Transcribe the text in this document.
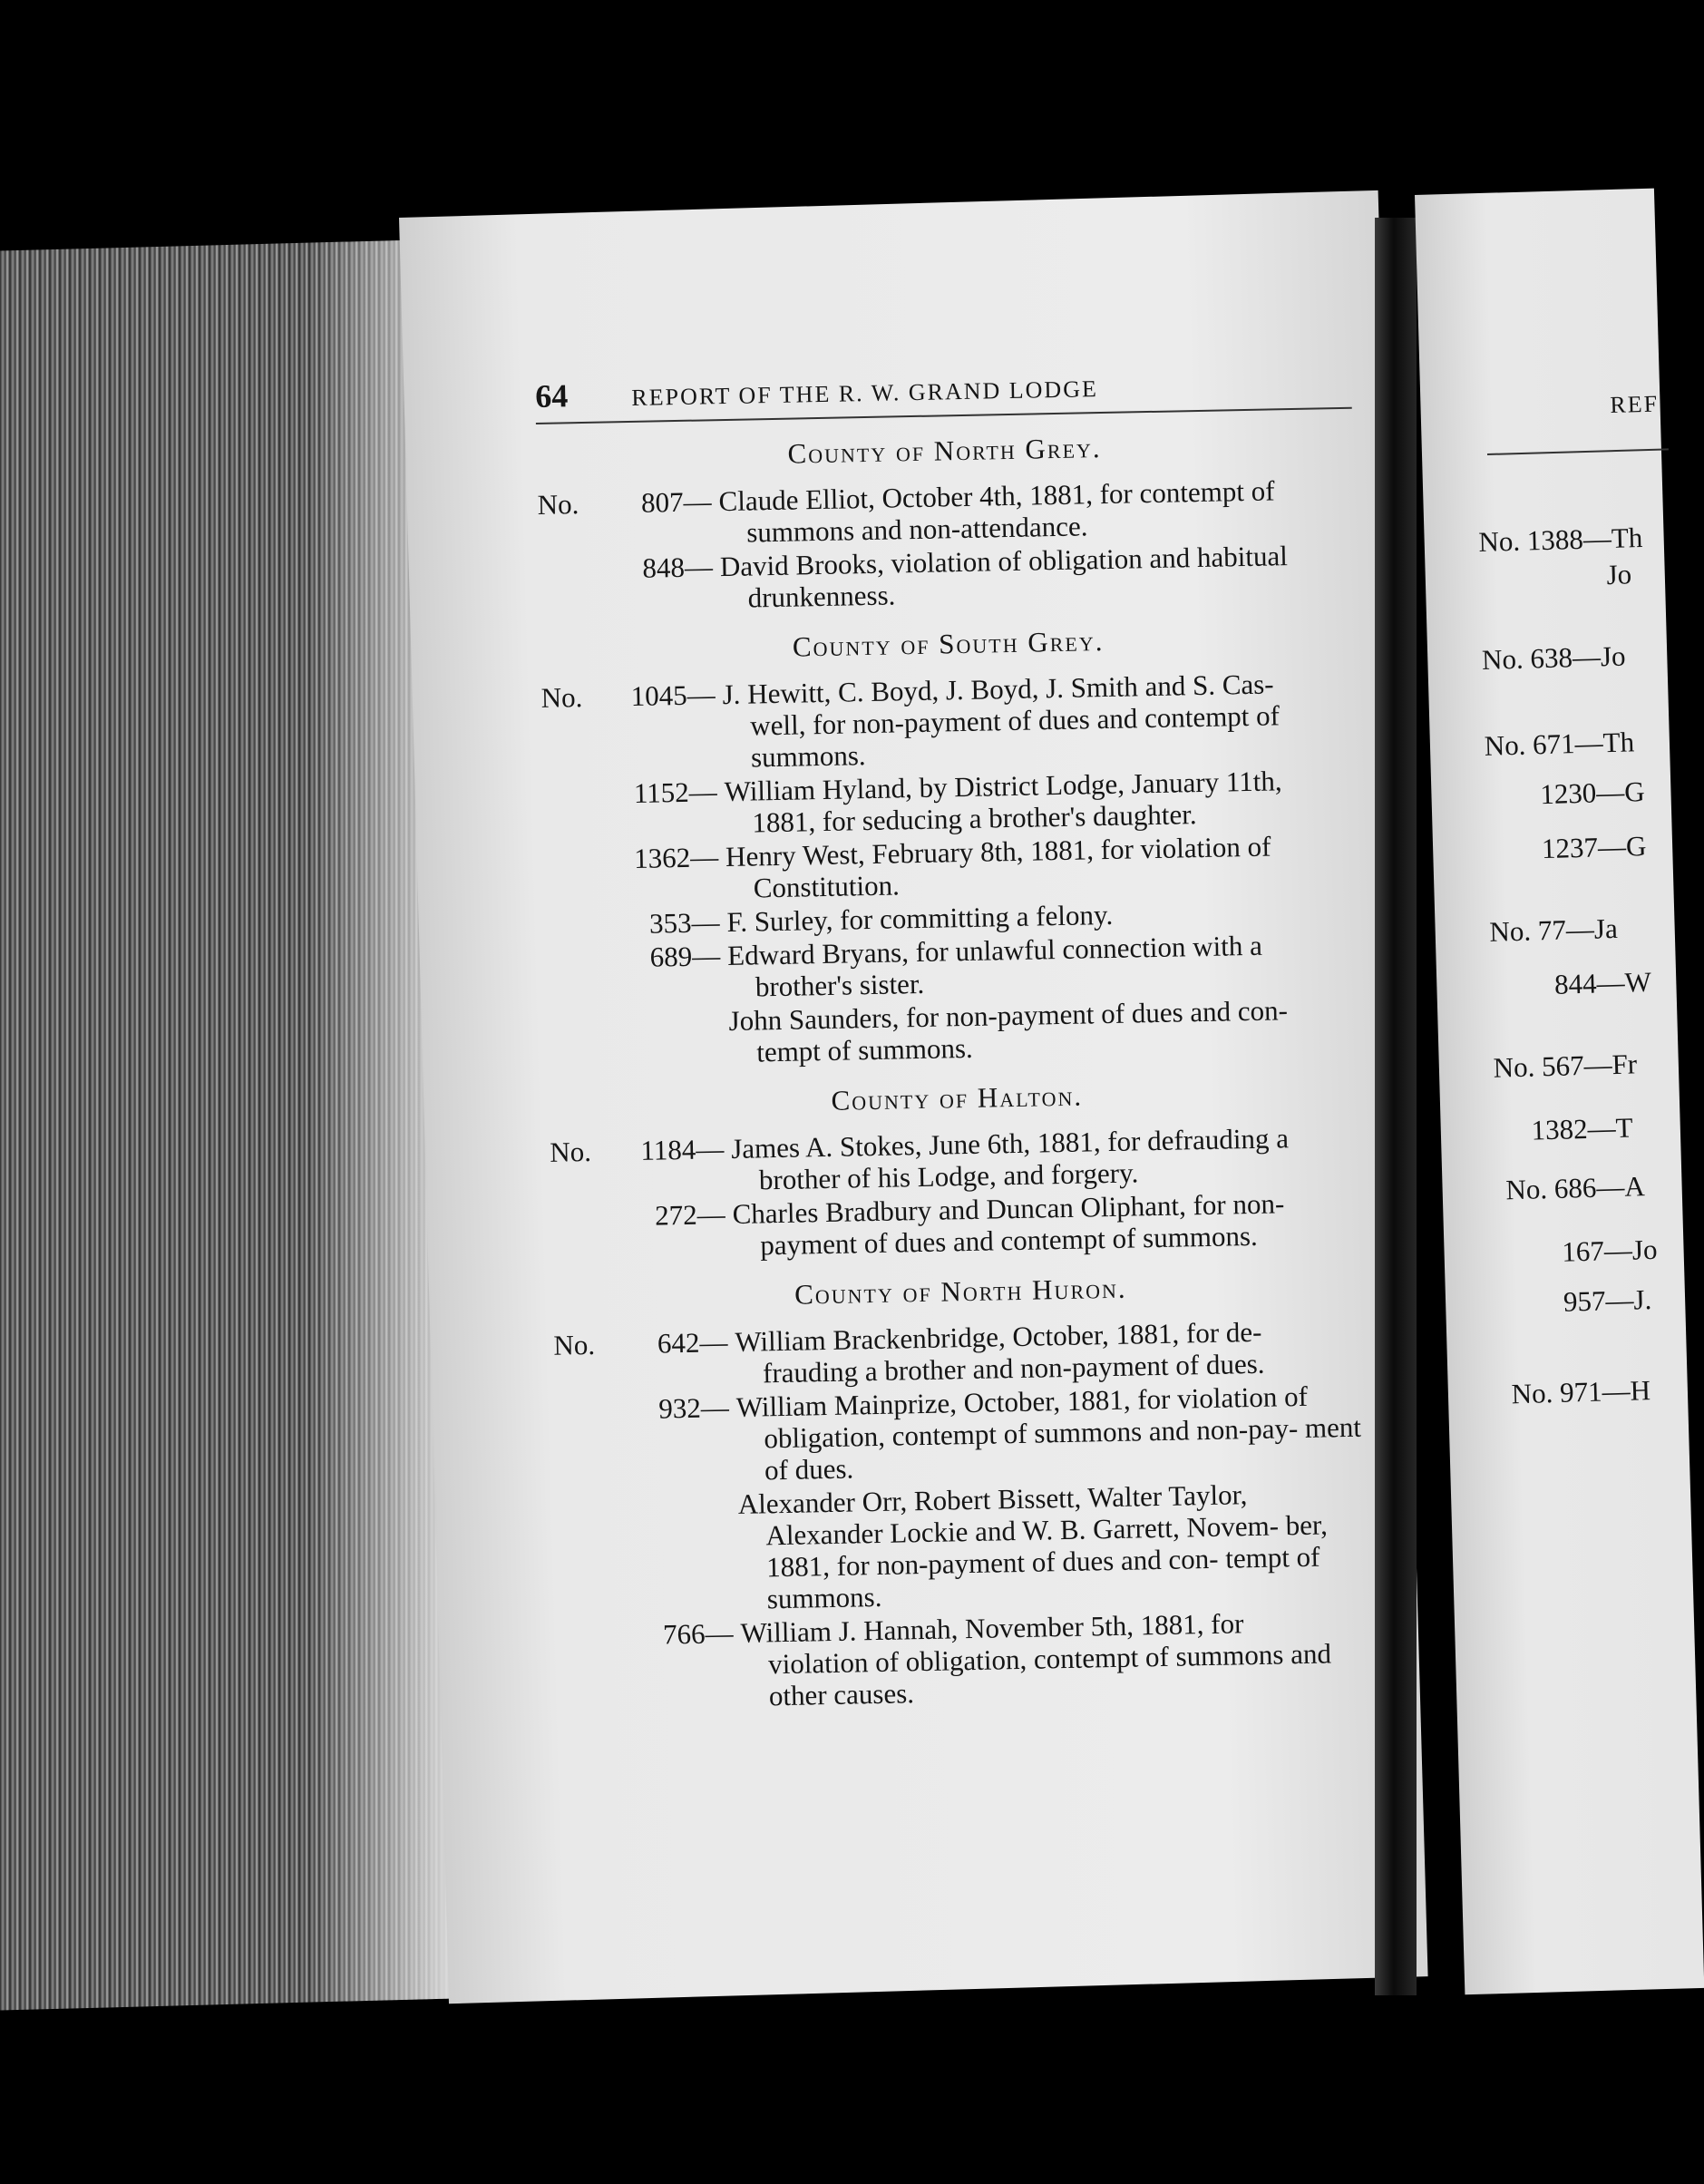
64	REPORT OF THE R. W. GRAND LODGE
County of North Grey.
No.	807— Claude Elliot, October 4th, 1881, for contempt of
summons and non-attendance.
848— David Brooks, violation of obligation and habitual
drunkenness.
County of South Grey.
No.	1045— J. Hewitt, C. Boyd, J. Boyd, J. Smith and S. Cas-
well, for non-payment of dues and contempt of summons.
1152— William Hyland, by District Lodge, January 11th,
1881, for seducing a brother's daughter.
1362— Henry West, February 8th, 1881, for violation of
Constitution.
353— F. Surley, for committing a felony.
689— Edward Bryans, for unlawful connection with a
brother's sister.
John Saunders, for non-payment of dues and con-
tempt of summons.
County of Halton.
No.	1184— James A. Stokes, June 6th, 1881, for defrauding a
brother of his Lodge, and forgery.
272— Charles Bradbury and Duncan Oliphant, for non-
payment of dues and contempt of summons.
County of North Huron.
No.	642— William Brackenbridge, October, 1881, for de-
frauding a brother and non-payment of dues.
932— William Mainprize, October, 1881, for violation of
obligation, contempt of summons and non-pay- ment of dues.
Alexander Orr, Robert Bissett, Walter Taylor,
Alexander Lockie and W. B. Garrett, Novem- ber, 1881, for non-payment of dues and con- tempt of summons.
766— William J. Hannah, November 5th, 1881, for
violation of obligation, contempt of summons and other causes.
REF
No. 1388—Th
Jo
No. 638—Jo
No. 671—Th
1230—G
1237—G
No. 77—Ja
844—W
No. 567—Fr
1382—T
No. 686—A
167—Jo
957—J.
No. 971—H
